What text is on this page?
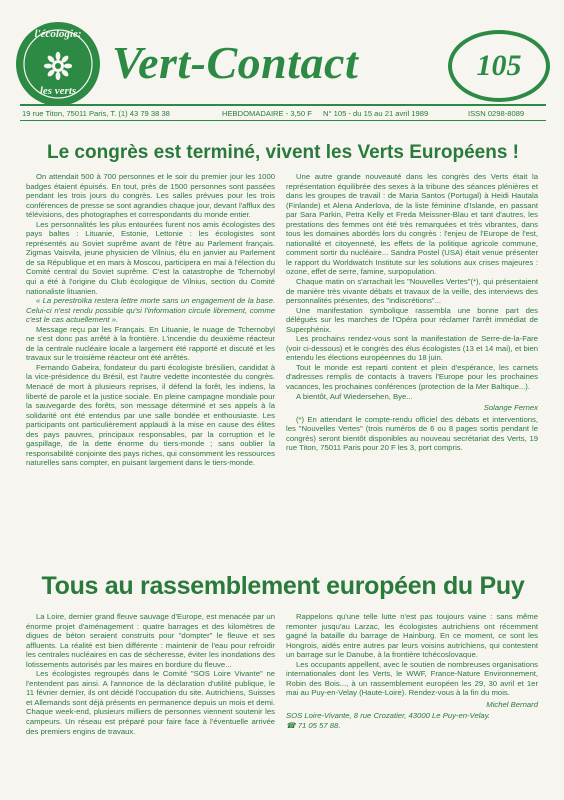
l'écologie:
les verts
Vert-Contact	105
19 rue Titon, 75011 Paris, T. (1) 43 79 38 38	HEBDOMADAIRE - 3,50 F N° 105 - du 15 au 21 avril 1989	ISSN 0298-8089
Le congrès est terminé, vivent les Verts Européens !

On attendait 500 à 700 personnes et le soir du premier jour les 1000 badges étaient épuisés. En tout, près de 1500 personnes sont passées pendant les trois jours du congrès. Les salles prévues pour les trois conférences de presse se sont agrandies chaque jour, devant l'afflux des télévisions, des photographes et correspondants du monde entier.

Les personnalités les plus entourées furent nos amis écologistes des pays baltes : Lituanie, Estonie, Lettonie : les écologistes sont représentés au Soviet suprême avant de l'être au Parlement français. Zigmas Vaisvila, jeune physicien de Vilnius, élu en janvier au Parlement de sa République et en mars à Moscou, participera en mai à l'élection du Comité central du Soviet suprême. C'est la catastrophe de Tchernobyl qui a été à l'origine du Club écologique de Vilnius, section du Comité nationaliste lituanien.

« La perestroïka restera lettre morte sans un engagement de la base. Celui-ci n'est rendu possible qu'si l'information circule librement, comme c'est le cas actuellement ».

Message reçu par les Français. En Lituanie, le nuage de Tchernobyl ne s'est donc pas arrêté à la frontière. L'incendie du deuxième réacteur de la centrale nucléaire locale a largement été rapporté et discuté et les travaux sur le troisième réacteur ont été arrêtés.

Fernando Gabeira, fondateur du parti écologiste brésilien, candidat à la vice-présidence du Brésil, est l'autre vedette incontestée du congrès. Menacé de mort à plusieurs reprises, il défend la forêt, les indiens, la liberté de parole et la justice sociale. En pleine campagne mondiale pour la sauvegarde des forêts, son message déterminé et ses appels à la solidarité ont été entendus par une salle bondée et enthousiaste. Les participants ont particulièrement applaudi à la mise en cause des élites des pays pauvres, principaux responsables, par la corruption et le gaspillage, de la dette énorme du tiers-monde ; sans oublier la responsabilité conjointe des pays riches, qui consomment les ressources naturelles sans compter, en puisant largement dans le tiers-monde.

Une autre grande nouveauté dans les congrès des Verts était la représentation équilibrée des sexes à la tribune des séances plénières et dans les groupes de travail : de Maria Santos (Portugal) à Heidi Hautala (Finlande) et Alena Anderlova, de la liste féminine d'Islande, en passant par Sara Parkin, Petra Kelly et Freda Meissner-Blau et tant d'autres, les prestations des femmes ont été très remarquées et très vibrantes, dans tous les domaines abordés lors du congrès : l'enjeu de l'Europe de l'est, nationalité et citoyenneté, les effets de la politique agricole commune, comment sortir du nucléaire... Sandra Postel (USA) était venue présenter le rapport du Worldwatch Institute sur les solutions aux crises majeures : ozone, effet de serre, famine, surpopulation.

Chaque matin on s'arrachait les "Nouvelles Vertes"(*), qui présentaient de manière très vivante débats et travaux de la veille, des interviews des personnalités présentes, des "indiscrétions"...

Une manifestation symbolique rassembla une bonne part des délégués sur les marches de l'Opéra pour réclamer l'arrêt immédiat de Superphénix.

Les prochains rendez-vous sont la manifestation de Serre-de-la-Fare (voir ci-dessous) et le congrès des élus écologistes (13 et 14 mai), et bien entendu les élections européennes du 18 juin.

Tout le monde est reparti content et plein d'espérance, les carnets d'adresses remplis de contacts à travers l'Europe pour les prochaines vacances, les prochaines conférences (protection de la Mer Baltique...).

A bientôt, Auf Wiedersehen, Bye...

Solange Fernex

(*) En attendant le compte-rendu officiel des débats et interventions, les "Nouvelles Vertes" (trois numéros de 6 ou 8 pages sortis pendant le congrès) seront bientôt disponibles au nouveau secrétariat des Verts, 19 rue Titon, 75011 Paris pour 20 F les 3, port compris.

Tous au rassemblement européen du Puy

La Loire, dernier grand fleuve sauvage d'Europe, est menacée par un énorme projet d'aménagement : quatre barrages et des kilomètres de digues de béton seraient construits pour "dompter" le fleuve et ses affluents. La réalité est bien différente : maintenir de l'eau pour refroidir les centrales nucléaires en cas de sécheresse, éviter les inondations des lotissements autorisés par les maires en bordure du fleuve...

Les écologistes regroupés dans le Comité "SOS Loire Vivante" ne l'entendent pas ainsi. A l'annonce de la déclaration d'utilité publique, le 11 février dernier, ils ont décidé l'occupation du site. Autrichiens, Suisses et Allemands sont déjà présents en permanence depuis un mois et demi. Chaque week-end, plusieurs milliers de personnes viennent soutenir les campeurs. Un réseau est préparé pour faire face à l'éventuelle arrivée des premiers engins de travaux.

Rappelons qu'une telle lutte n'est pas toujours vaine : sans même remonter jusqu'au Larzac, les écologistes autrichiens ont récemment gagné la bataille du barrage de Hainburg. En ce moment, ce sont les Hongrois, aidés entre autres par leurs voisins autrichiens, qui contestent un barrage sur le Danube, à la frontière tchécoslovaque.

Les occupants appellent, avec le soutien de nombreuses organisations internationales dont les Verts, le WWF, France-Nature Environnement, Robin des Bois..., à un rassemblement européen les 29, 30 avril et 1er mai au Puy-en-Velay (Haute-Loire). Rendez-vous à la fin du mois.

Michel Bernard

SOS Loire-Vivante, 8 rue Crozatier, 43000 Le Puy-en-Velay.

☎ 71 05 57 88.
